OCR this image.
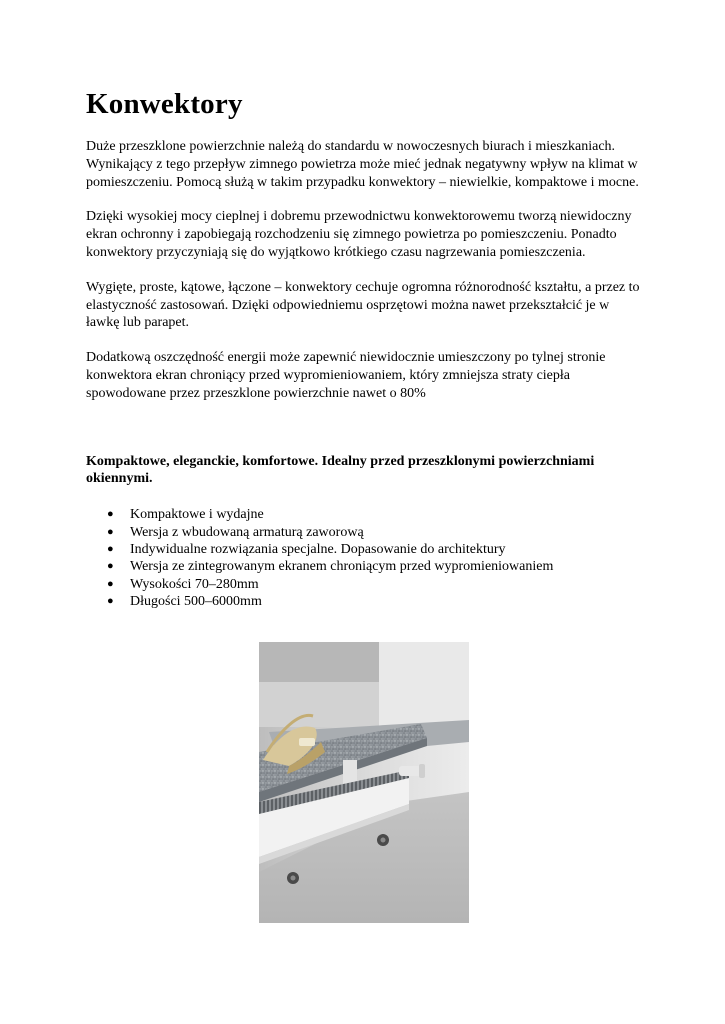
Konwektory

Duże przeszklone powierzchnie należą do standardu w nowoczesnych biurach i mieszkaniach. Wynikający z tego przepływ zimnego powietrza może mieć jednak negatywny wpływ na klimat w pomieszczeniu. Pomocą służą w takim przypadku konwektory – niewielkie, kompaktowe i mocne.

Dzięki wysokiej mocy cieplnej i dobremu przewodnictwu konwektorowemu tworzą niewidoczny ekran ochronny i zapobiegają rozchodzeniu się zimnego powietrza po pomieszczeniu. Ponadto konwektory przyczyniają się do wyjątkowo krótkiego czasu nagrzewania pomieszczenia.

Wygięte, proste, kątowe, łączone – konwektory cechuje ogromna różnorodność kształtu, a przez to elastyczność zastosowań. Dzięki odpowiedniemu osprzętowi można nawet przekształcić je w ławkę lub parapet.

Dodatkową oszczędność energii może zapewnić niewidocznie umieszczony po tylnej stronie konwektora ekran chroniący przed wypromieniowaniem, który zmniejsza straty ciepła spowodowane przez przeszklone powierzchnie nawet o 80%

Kompaktowe, eleganckie, komfortowe. Idealny przed przeszklonymi powierzchniami okiennymi.

● Kompaktowe i wydajne
● Wersja z wbudowaną armaturą zaworową
● Indywidualne rozwiązania specjalne. Dopasowanie do architektury
● Wersja ze zintegrowanym ekranem chroniącym przed wypromieniowaniem
● Wysokości 70–280mm
● Długości 500–6000mm
